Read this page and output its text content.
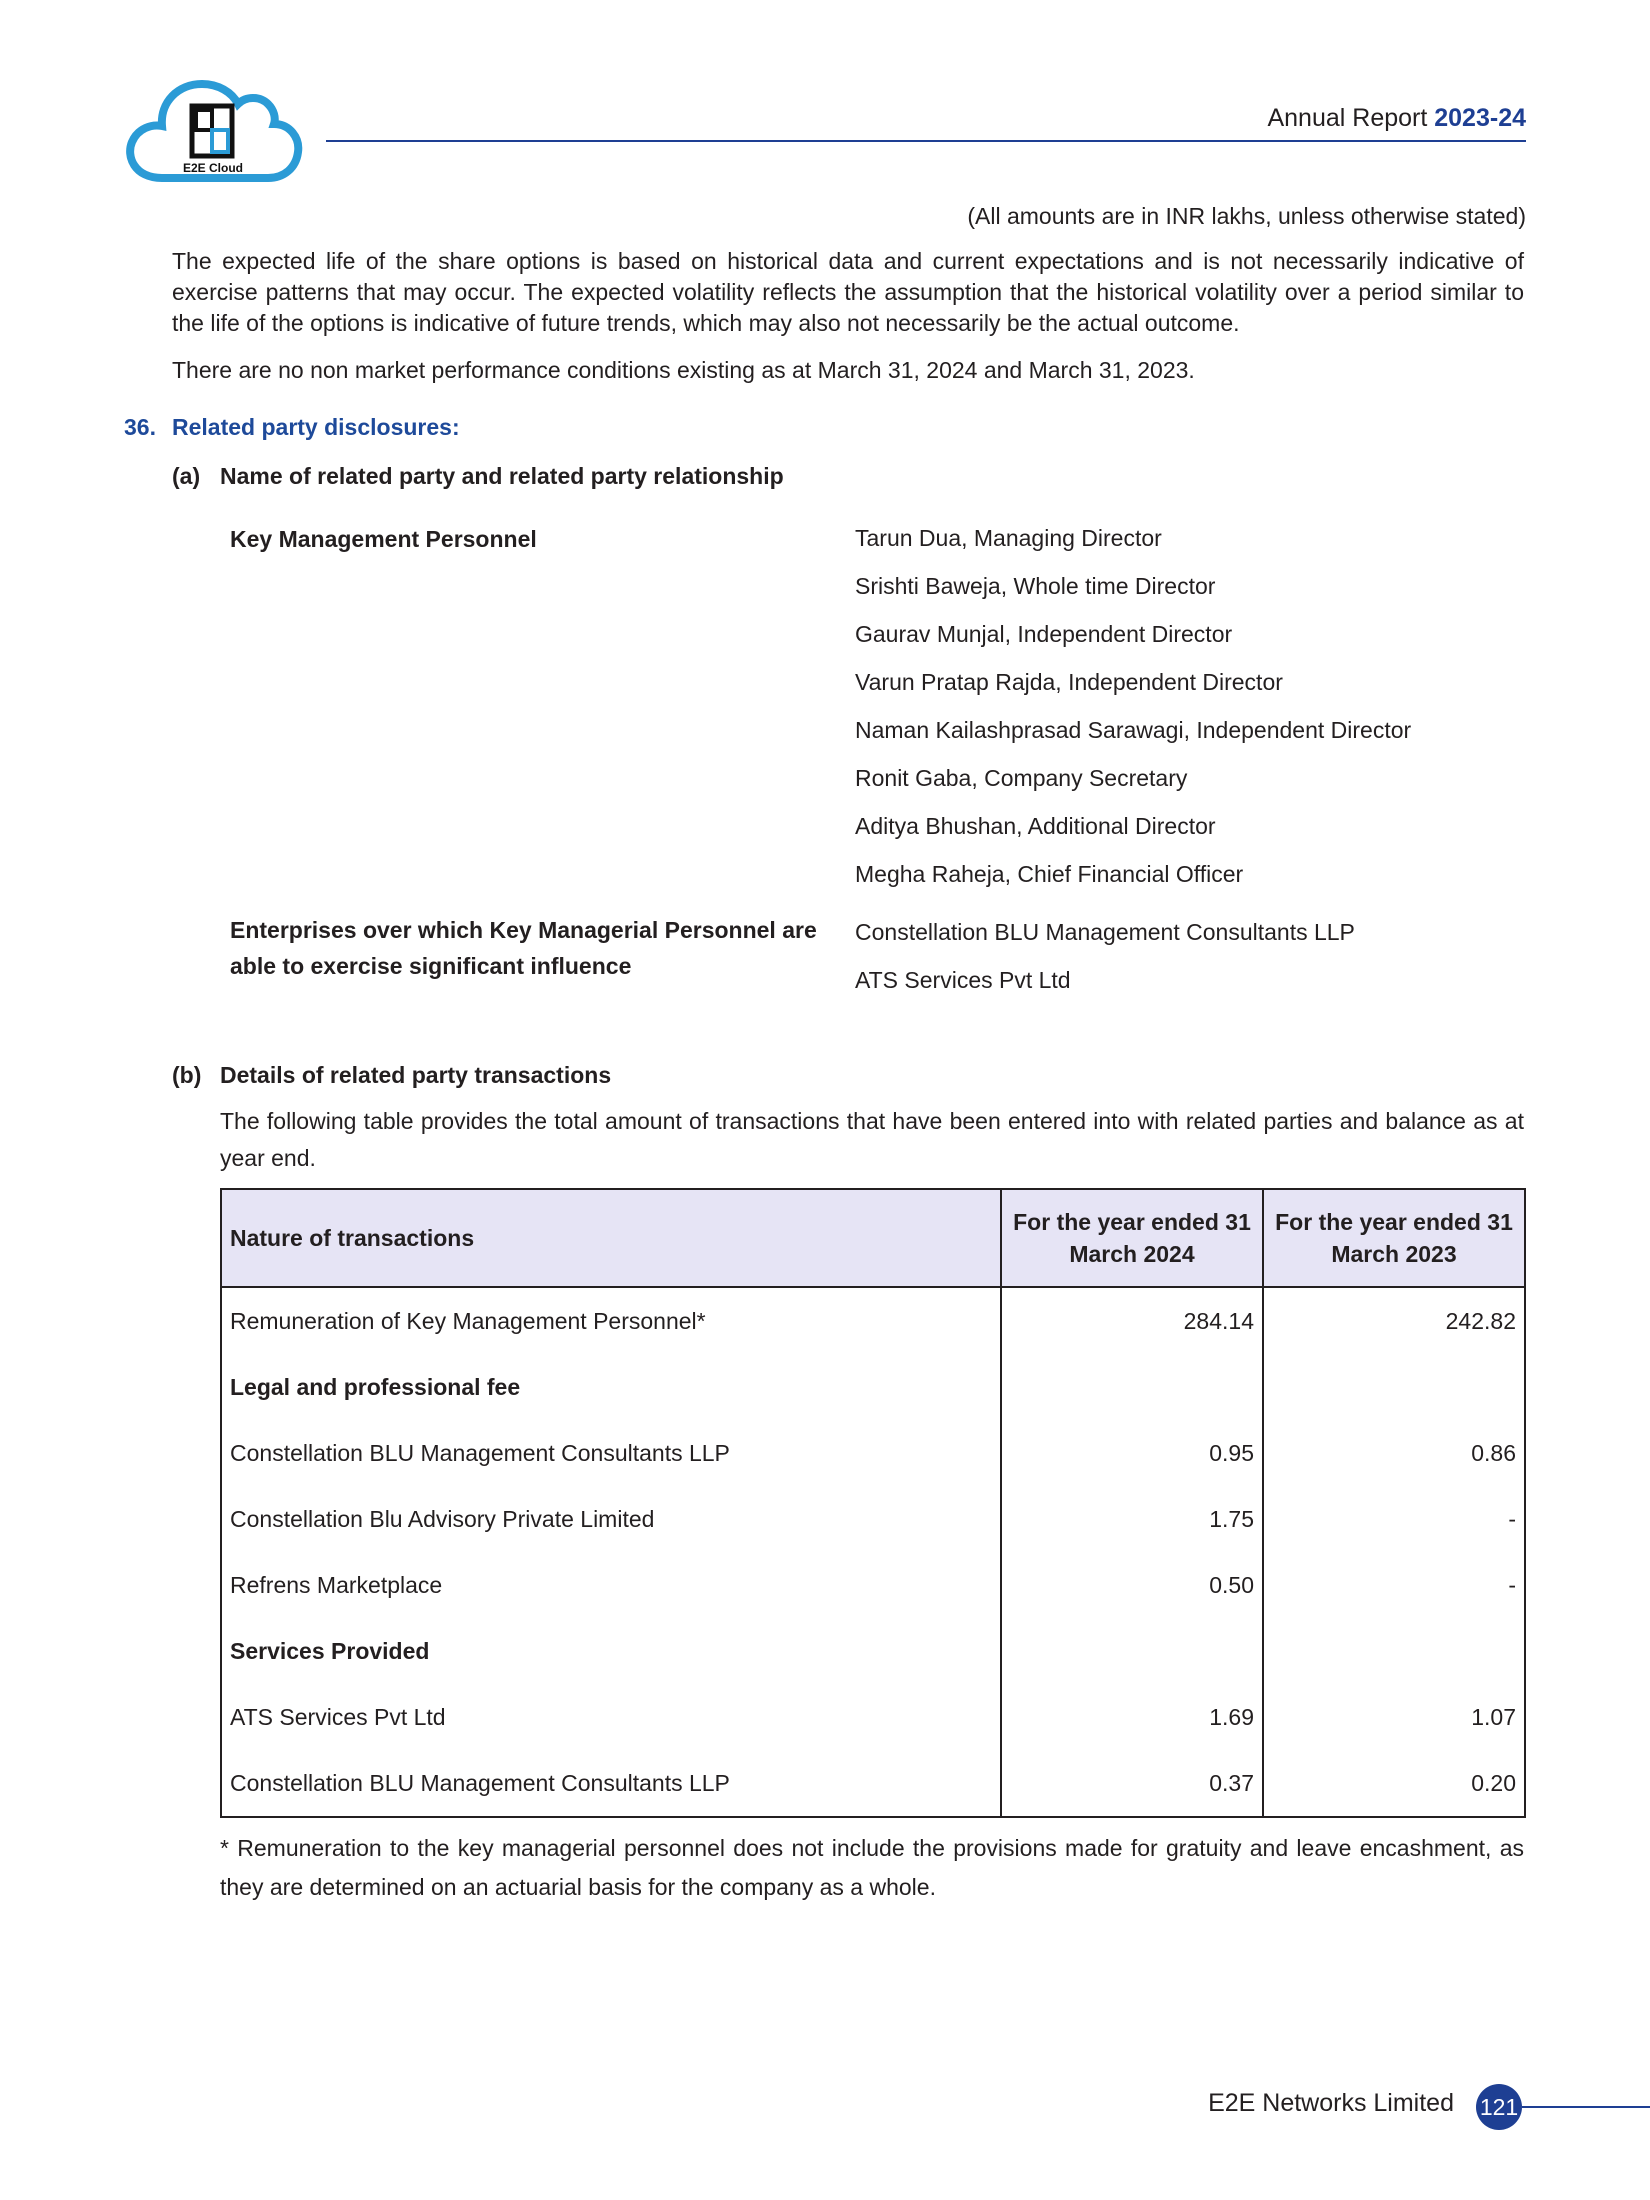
E2E Cloud
Annual Report 2023-24
(All amounts are in INR lakhs, unless otherwise stated)
The expected life of the share options is based on historical data and current expectations and is not necessarily indicative of exercise patterns that may occur. The expected volatility reflects the assumption that the historical volatility over a period similar to the life of the options is indicative of future trends, which may also not necessarily be the actual outcome.
There are no non market performance conditions existing as at March 31, 2024 and March 31, 2023.
36. Related party disclosures:
(a) Name of related party and related party relationship
Key Management Personnel	Tarun Dua, Managing Director
Srishti Baweja, Whole time Director
Gaurav Munjal, Independent Director
Varun Pratap Rajda, Independent Director
Naman Kailashprasad Sarawagi, Independent Director
Ronit Gaba, Company Secretary
Aditya Bhushan, Additional Director
Megha Raheja, Chief Financial Officer
Enterprises over which Key Managerial Personnel are able to exercise significant influence
Constellation BLU Management Consultants LLP
ATS Services Pvt Ltd
(b) Details of related party transactions
The following table provides the total amount of transactions that have been entered into with related parties and balance as at year end.
Nature of transactions	For the year ended 31 March 2024	For the year ended 31 March 2023
Remuneration of Key Management Personnel*	284.14	242.82
Legal and professional fee		
Constellation BLU Management Consultants LLP	0.95	0.86
Constellation Blu Advisory Private Limited	1.75	-
Refrens Marketplace	0.50	-
Services Provided		
ATS Services Pvt Ltd	1.69	1.07
Constellation BLU Management Consultants LLP	0.37	0.20
* Remuneration to the key managerial personnel does not include the provisions made for gratuity and leave encashment, as they are determined on an actuarial basis for the company as a whole.
E2E Networks Limited 121
